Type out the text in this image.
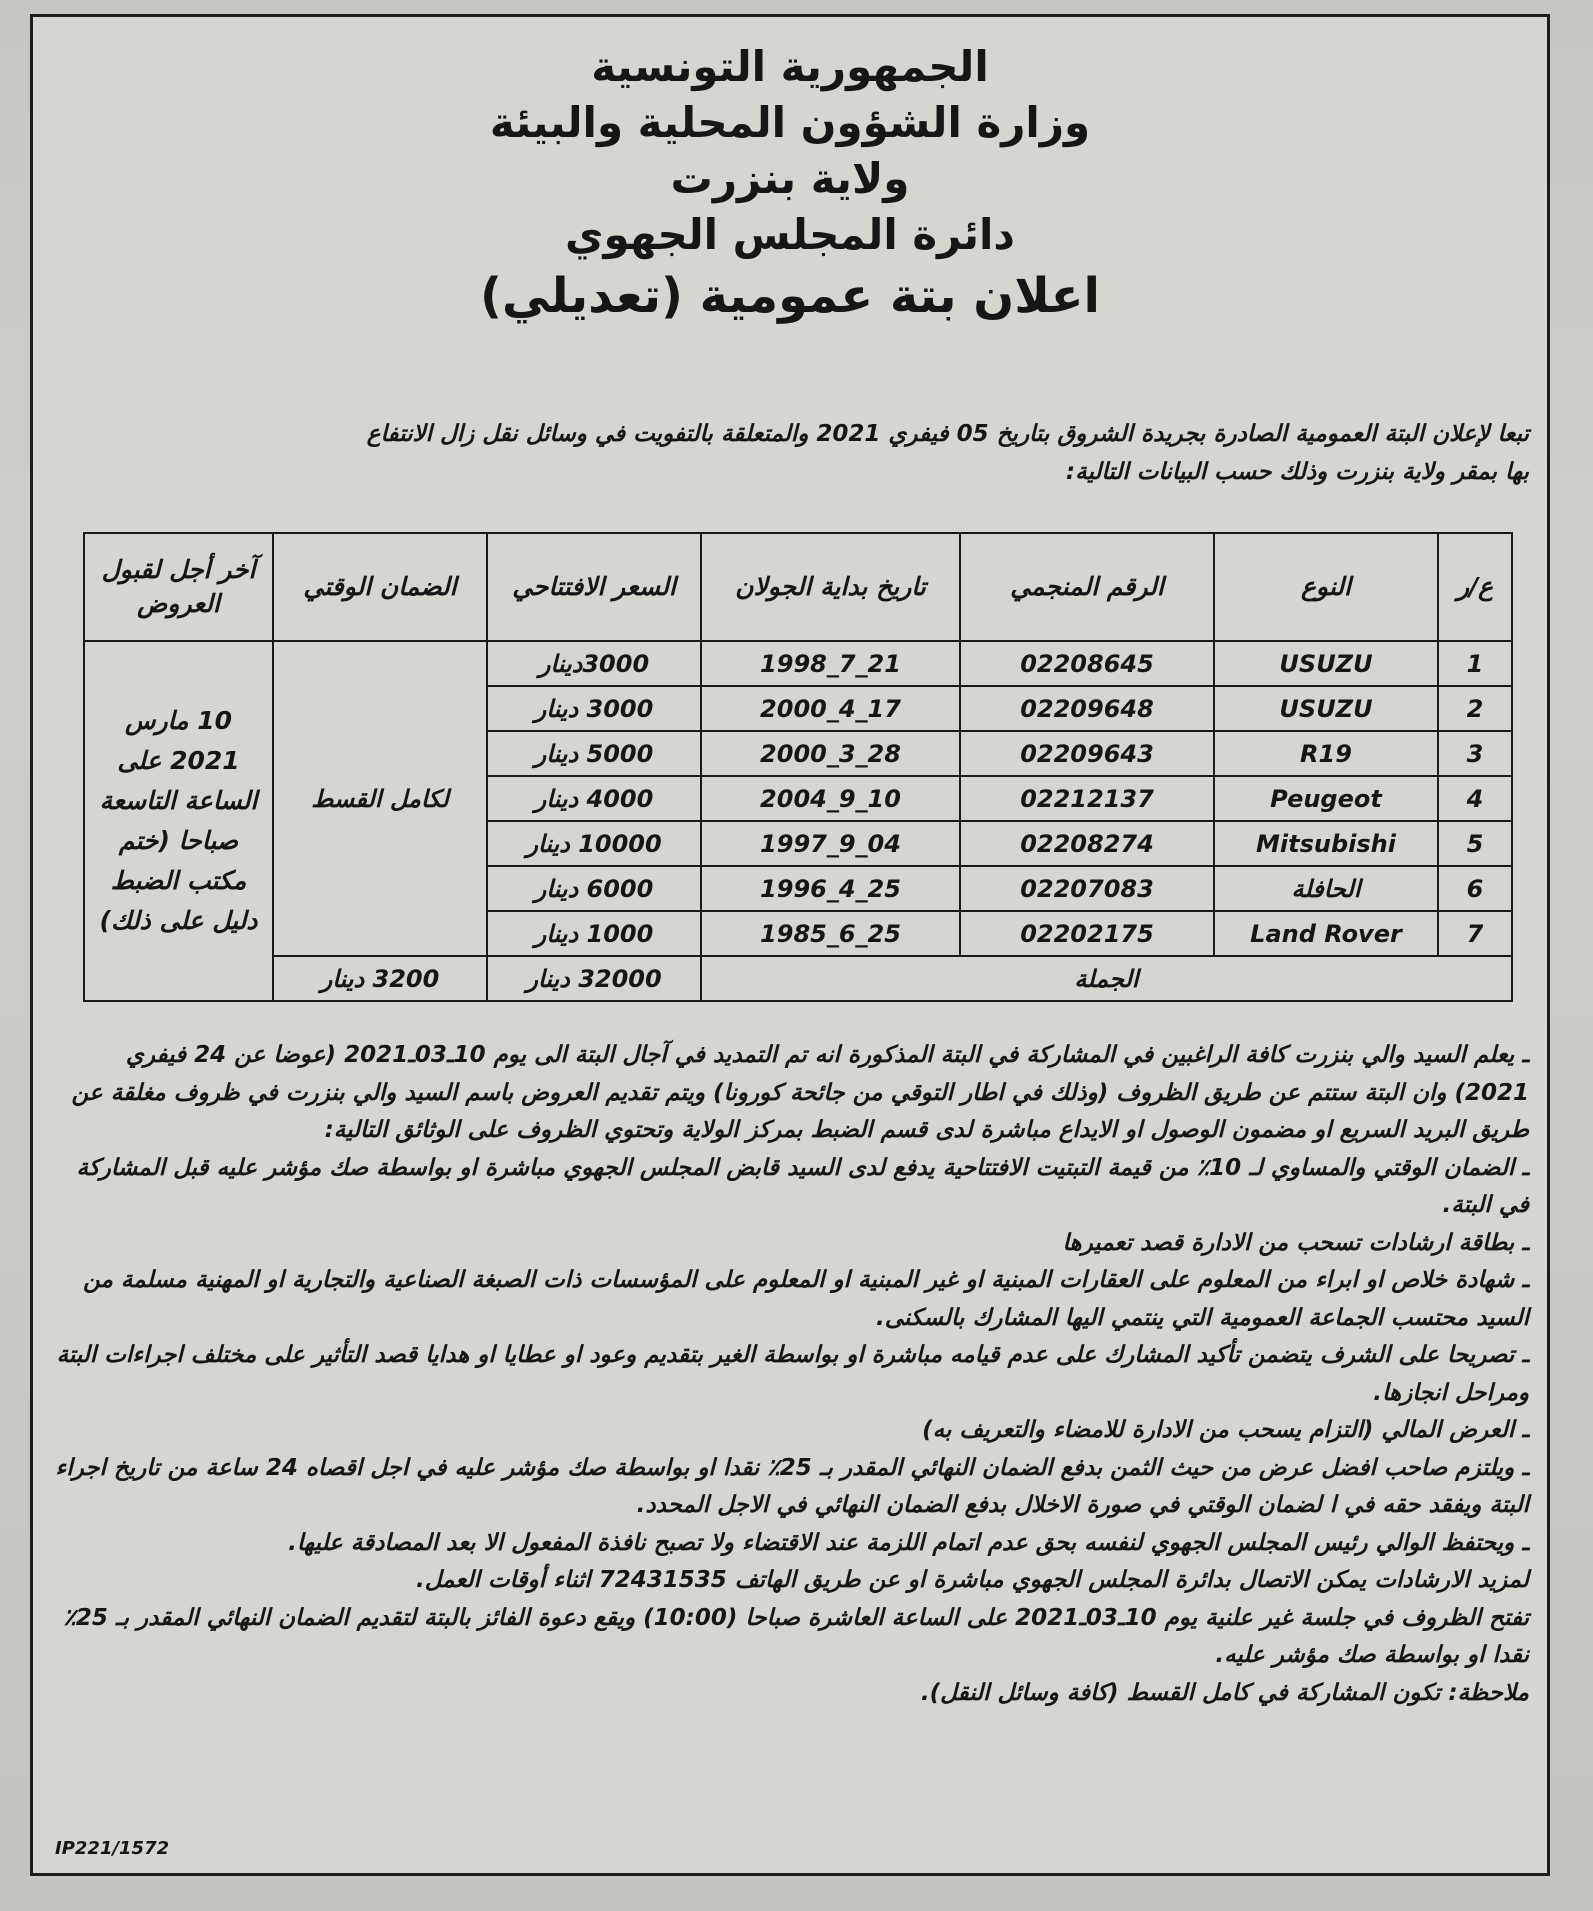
الجمهورية التونسية
وزارة الشؤون المحلية والبيئة
ولاية بنزرت
دائرة المجلس الجهوي
اعلان بتة عمومية (تعديلي)
تبعا لإعلان البتة العمومية الصادرة بجريدة الشروق بتاريخ 05 فيفري 2021 والمتعلقة بالتفويت في وسائل نقل زال الانتفاع
بها بمقر ولاية بنزرت وذلك حسب البيانات التالية:
ع/ر	النوع	الرقم المنجمي	تاريخ بداية الجولان	السعر الافتتاحي	الضمان الوقتي	آخر أجل لقبول العروض
1	USUZU	02208645	21_7_1998	3000دينار	لكامل القسط	10 مارس 2021 على الساعة التاسعة صباحا (ختم مكتب الضبط دليل على ذلك)
2	USUZU	02209648	17_4_2000	3000 دينار		
3	R19	02209643	28_3_2000	5000 دينار		
4	Peugeot	02212137	10_9_2004	4000 دينار		
5	Mitsubishi	02208274	04_9_1997	10000 دينار		
6	الحافلة	02207083	25_4_1996	6000 دينار		
7	Land Rover	02202175	25_6_1985	1000 دينار		
الجملة				32000 دينار	3200 دينار	

ـ يعلم السيد والي بنزرت كافة الراغبين في المشاركة في البتة المذكورة انه تم التمديد في آجال البتة الى يوم 10ـ03ـ2021 (عوضا عن 24 فيفري 2021) وان البتة ستتم عن طريق الظروف (وذلك في اطار التوقي من جائحة كورونا) ويتم تقديم العروض باسم السيد والي بنزرت في ظروف مغلقة عن طريق البريد السريع او مضمون الوصول او الايداع مباشرة لدى قسم الضبط بمركز الولاية وتحتوي الظروف على الوثائق التالية:

ـ الضمان الوقتي والمساوي لـ 10٪ من قيمة التبتيت الافتتاحية يدفع لدى السيد قابض المجلس الجهوي مباشرة او بواسطة صك مؤشر عليه قبل المشاركة في البتة.

ـ بطاقة ارشادات تسحب من الادارة قصد تعميرها

ـ شهادة خلاص او ابراء من المعلوم على العقارات المبنية او غير المبنية او المعلوم على المؤسسات ذات الصبغة الصناعية والتجارية او المهنية مسلمة من السيد محتسب الجماعة العمومية التي ينتمي اليها المشارك بالسكنى.

ـ تصريحا على الشرف يتضمن تأكيد المشارك على عدم قيامه مباشرة او بواسطة الغير بتقديم وعود او عطايا او هدايا قصد التأثير على مختلف اجراءات البتة ومراحل انجازها.

ـ العرض المالي (التزام يسحب من الادارة للامضاء والتعريف به)

ـ ويلتزم صاحب افضل عرض من حيث الثمن بدفع الضمان النهائي المقدر بـ 25٪ نقدا او بواسطة صك مؤشر عليه في اجل اقصاه 24 ساعة من تاريخ اجراء البتة ويفقد حقه في ا لضمان الوقتي في صورة الاخلال بدفع الضمان النهائي في الاجل المحدد.

ـ ويحتفظ الوالي رئيس المجلس الجهوي لنفسه بحق عدم اتمام اللزمة عند الاقتضاء ولا تصبح نافذة المفعول الا بعد المصادقة عليها.

لمزيد الارشادات يمكن الاتصال بدائرة المجلس الجهوي مباشرة او عن طريق الهاتف 72431535 اثناء أوقات العمل.

تفتح الظروف في جلسة غير علنية يوم 10ـ03ـ2021 على الساعة العاشرة صباحا (10:00) ويقع دعوة الفائز بالبتة لتقديم الضمان النهائي المقدر بـ 25٪ نقدا او بواسطة صك مؤشر عليه.

ملاحظة: تكون المشاركة في كامل القسط (كافة وسائل النقل).

IP221/1572
